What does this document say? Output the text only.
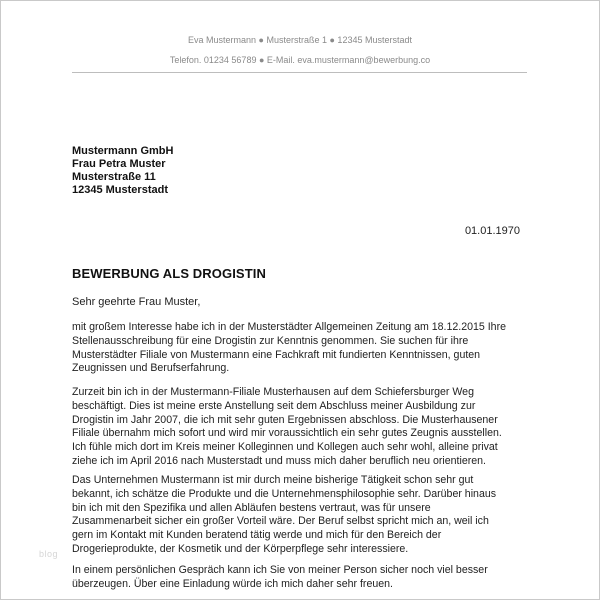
Eva Mustermann ● Musterstraße 1 ● 12345 Musterstadt
Telefon. 01234 56789 ● E-Mail. eva.mustermann@bewerbung.co
Mustermann GmbH
Frau Petra Muster
Musterstraße 11
12345 Musterstadt
01.01.1970
BEWERBUNG ALS DROGISTIN
Sehr geehrte Frau Muster,
mit großem Interesse habe ich in der Musterstädter Allgemeinen Zeitung am 18.12.2015 Ihre
Stellenausschreibung für eine Drogistin zur Kenntnis genommen. Sie suchen für ihre
Musterstädter Filiale von Mustermann eine Fachkraft mit fundierten Kenntnissen, guten
Zeugnissen und Berufserfahrung.
Zurzeit bin ich in der Mustermann-Filiale Musterhausen auf dem Schiefersburger Weg
beschäftigt. Dies ist meine erste Anstellung seit dem Abschluss meiner Ausbildung zur
Drogistin im Jahr 2007, die ich mit sehr guten Ergebnissen abschloss. Die Musterhausener
Filiale übernahm mich sofort und wird mir voraussichtlich ein sehr gutes Zeugnis ausstellen.
Ich fühle mich dort im Kreis meiner Kolleginnen und Kollegen auch sehr wohl, alleine privat
ziehe ich im April 2016 nach Musterstadt und muss mich daher beruflich neu orientieren.
Das Unternehmen Mustermann ist mir durch meine bisherige Tätigkeit schon sehr gut
bekannt, ich schätze die Produkte und die Unternehmensphilosophie sehr. Darüber hinaus
bin ich mit den Spezifika und allen Abläufen bestens vertraut, was für unsere
Zusammenarbeit sicher ein großer Vorteil wäre. Der Beruf selbst spricht mich an, weil ich
gern im Kontakt mit Kunden beratend tätig werde und mich für den Bereich der
Drogerieprodukte, der Kosmetik und der Körperpflege sehr interessiere.
In einem persönlichen Gespräch kann ich Sie von meiner Person sicher noch viel besser
überzeugen. Über eine Einladung würde ich mich daher sehr freuen.
blog
